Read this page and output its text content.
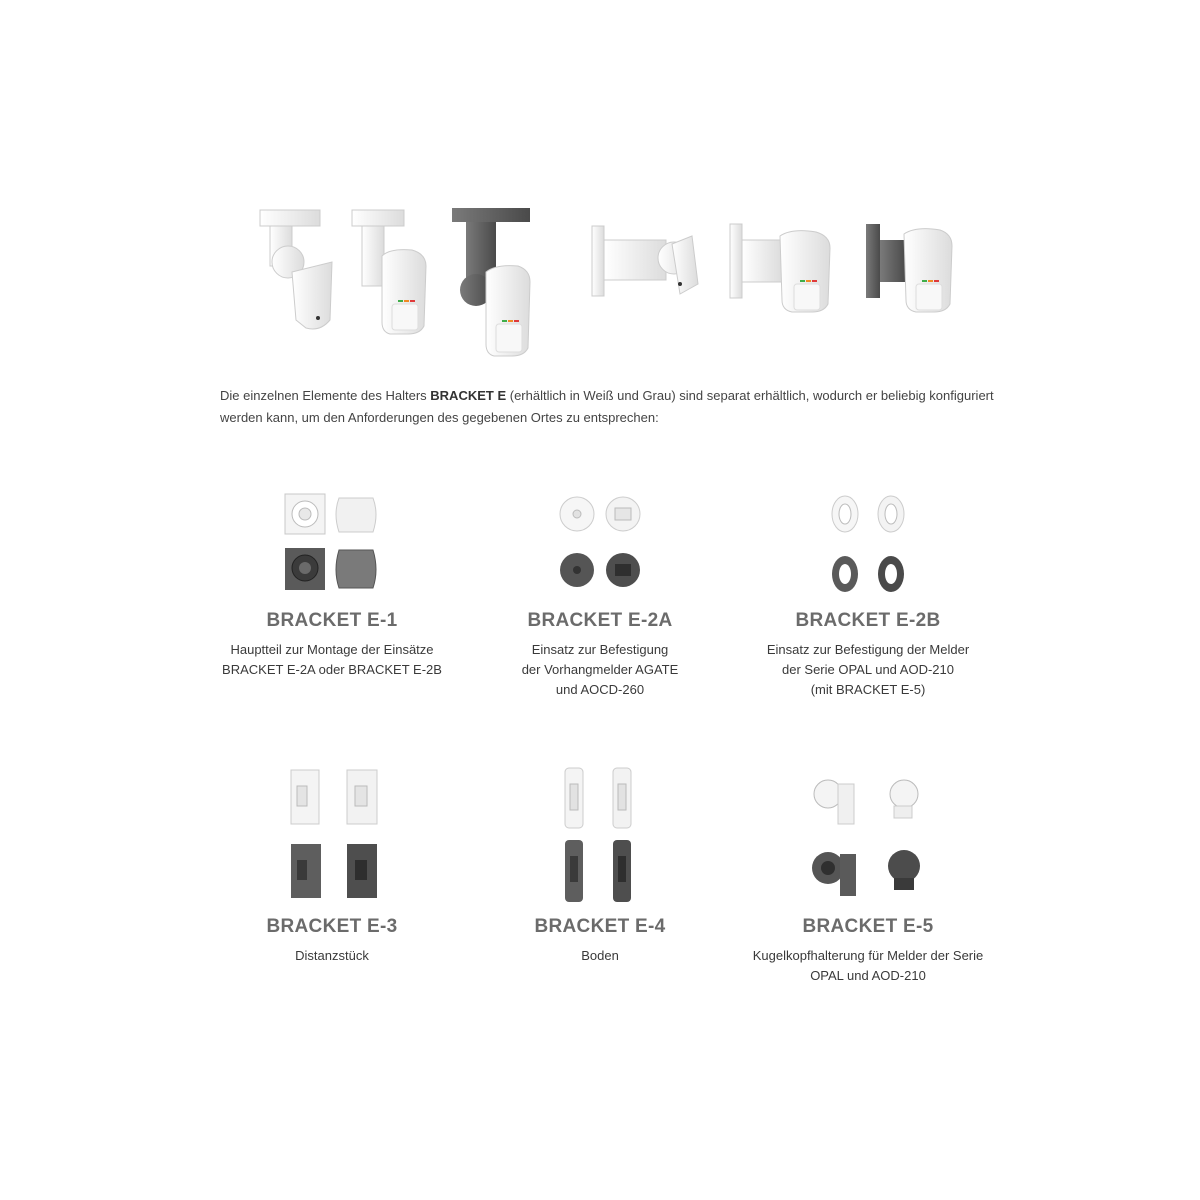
Die einzelnen Elemente des Halters BRACKET E (erhältlich in Weiß und Grau) sind separat erhältlich, wodurch er beliebig konfiguriert werden kann, um den Anforderungen des gegebenen Ortes zu entsprechen:

BRACKET E-1
Hauptteil zur Montage der Einsätze
BRACKET E-2A oder BRACKET E-2B
BRACKET E-2A
Einsatz zur Befestigung
der Vorhangmelder AGATE
und AOCD-260
BRACKET E-2B
Einsatz zur Befestigung der Melder
der Serie OPAL und AOD-210
(mit BRACKET E-5)
BRACKET E-3
Distanzstück
BRACKET E-4
Boden
BRACKET E-5
Kugelkopfhalterung für Melder der Serie
OPAL und AOD-210
